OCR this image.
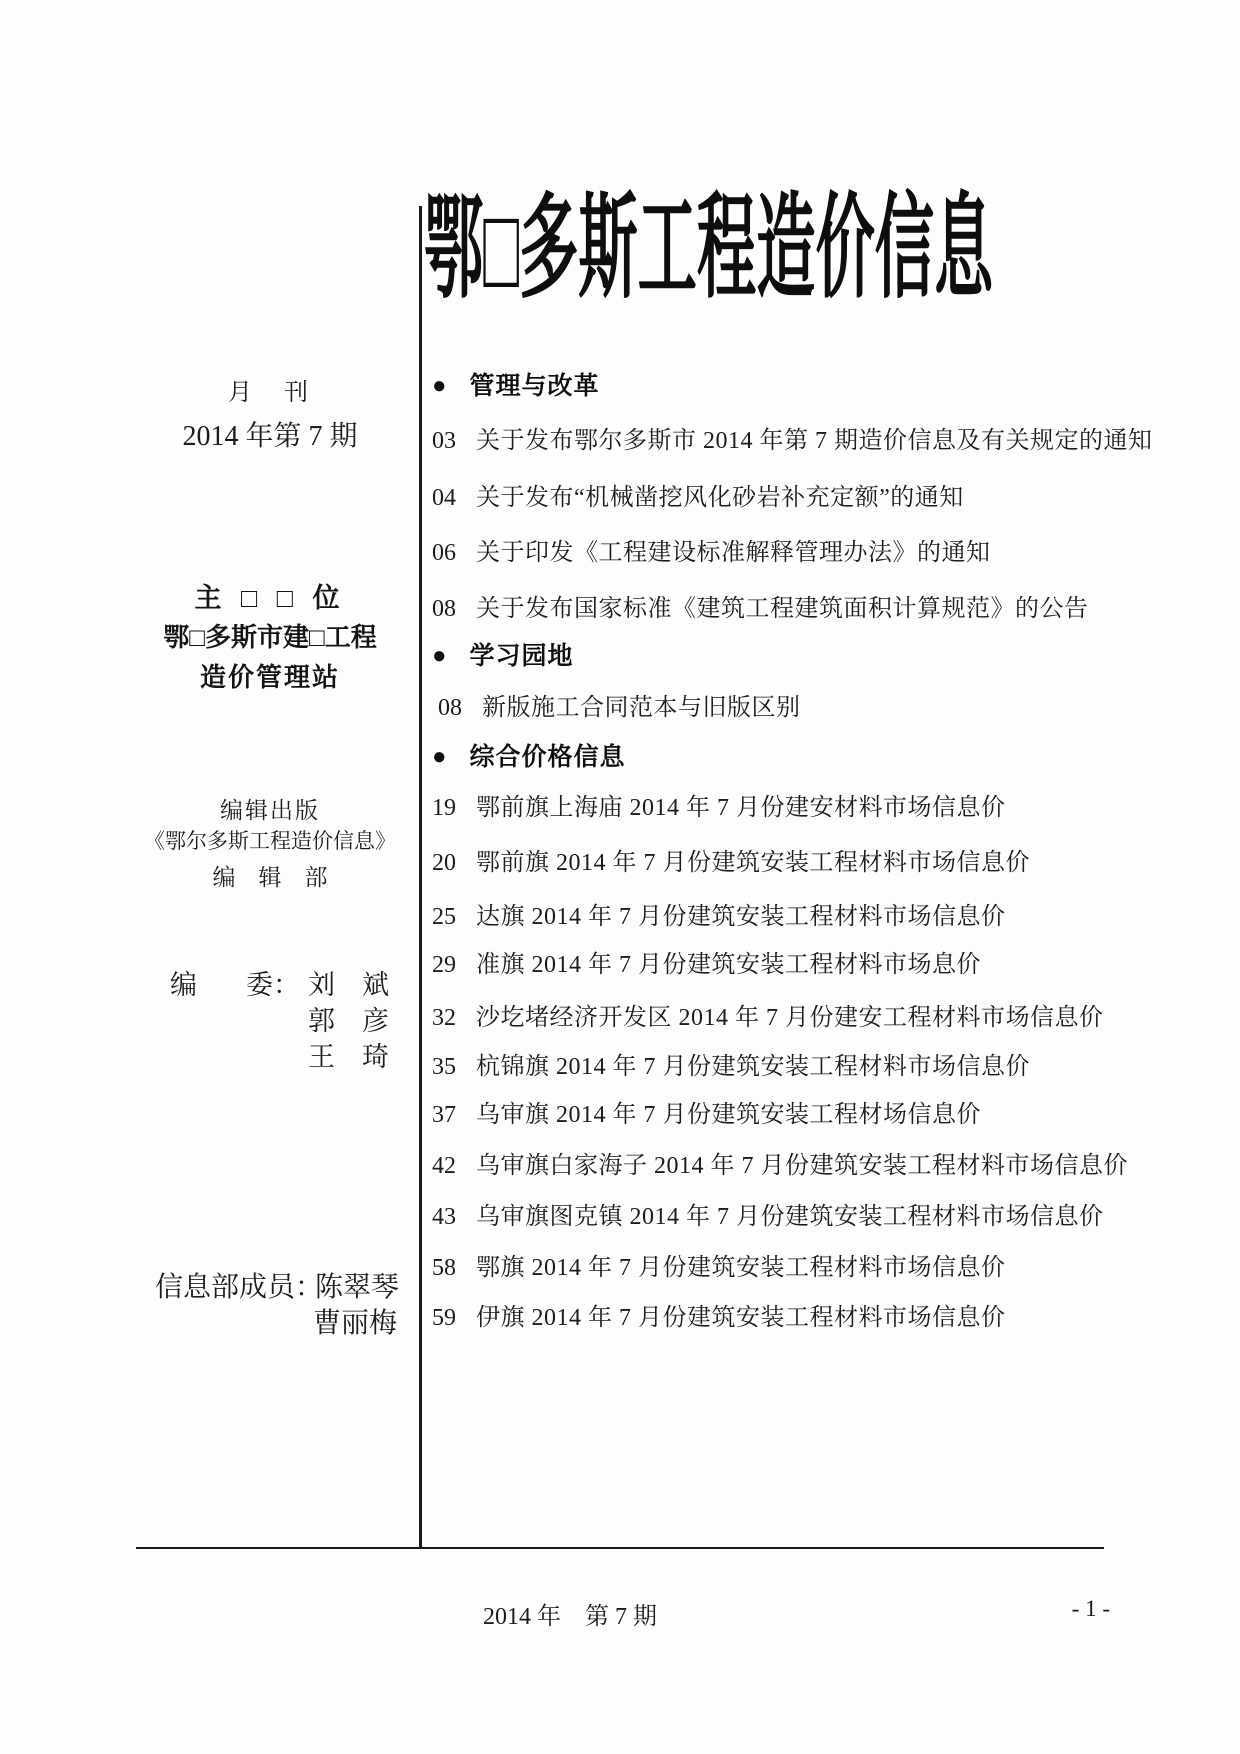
鄂□多斯工程造价信息
月　刊
2014 年第 7 期
主 □ □ 位
鄂□多斯市建□工程
造价管理站
编辑出版
《鄂尔多斯工程造价信息》
编　辑　部
编 委： 刘　斌
郭　彦
王　琦
信息部成员：
陈翠琴
曹丽梅
● 管理与改革
03 关于发布鄂尔多斯市 2014 年第 7 期造价信息及有关规定的通知
04 关于发布“机械凿挖风化砂岩补充定额”的通知
06 关于印发《工程建设标准解释管理办法》的通知
08 关于发布国家标准《建筑工程建筑面积计算规范》的公告
● 学习园地
08 新版施工合同范本与旧版区别
● 综合价格信息
19 鄂前旗上海庙 2014 年 7 月份建安材料市场信息价
20 鄂前旗 2014 年 7 月份建筑安装工程材料市场信息价
25 达旗 2014 年 7 月份建筑安装工程材料市场信息价
29 准旗 2014 年 7 月份建筑安装工程材料市场息价
32 沙圪堵经济开发区 2014 年 7 月份建安工程材料市场信息价
35 杭锦旗 2014 年 7 月份建筑安装工程材料市场信息价
37 乌审旗 2014 年 7 月份建筑安装工程材场信息价
42 乌审旗白家海子 2014 年 7 月份建筑安装工程材料市场信息价
43 乌审旗图克镇 2014 年 7 月份建筑安装工程材料市场信息价
58 鄂旗 2014 年 7 月份建筑安装工程材料市场信息价
59 伊旗 2014 年 7 月份建筑安装工程材料市场信息价
2014 年　第 7 期	- 1 -
